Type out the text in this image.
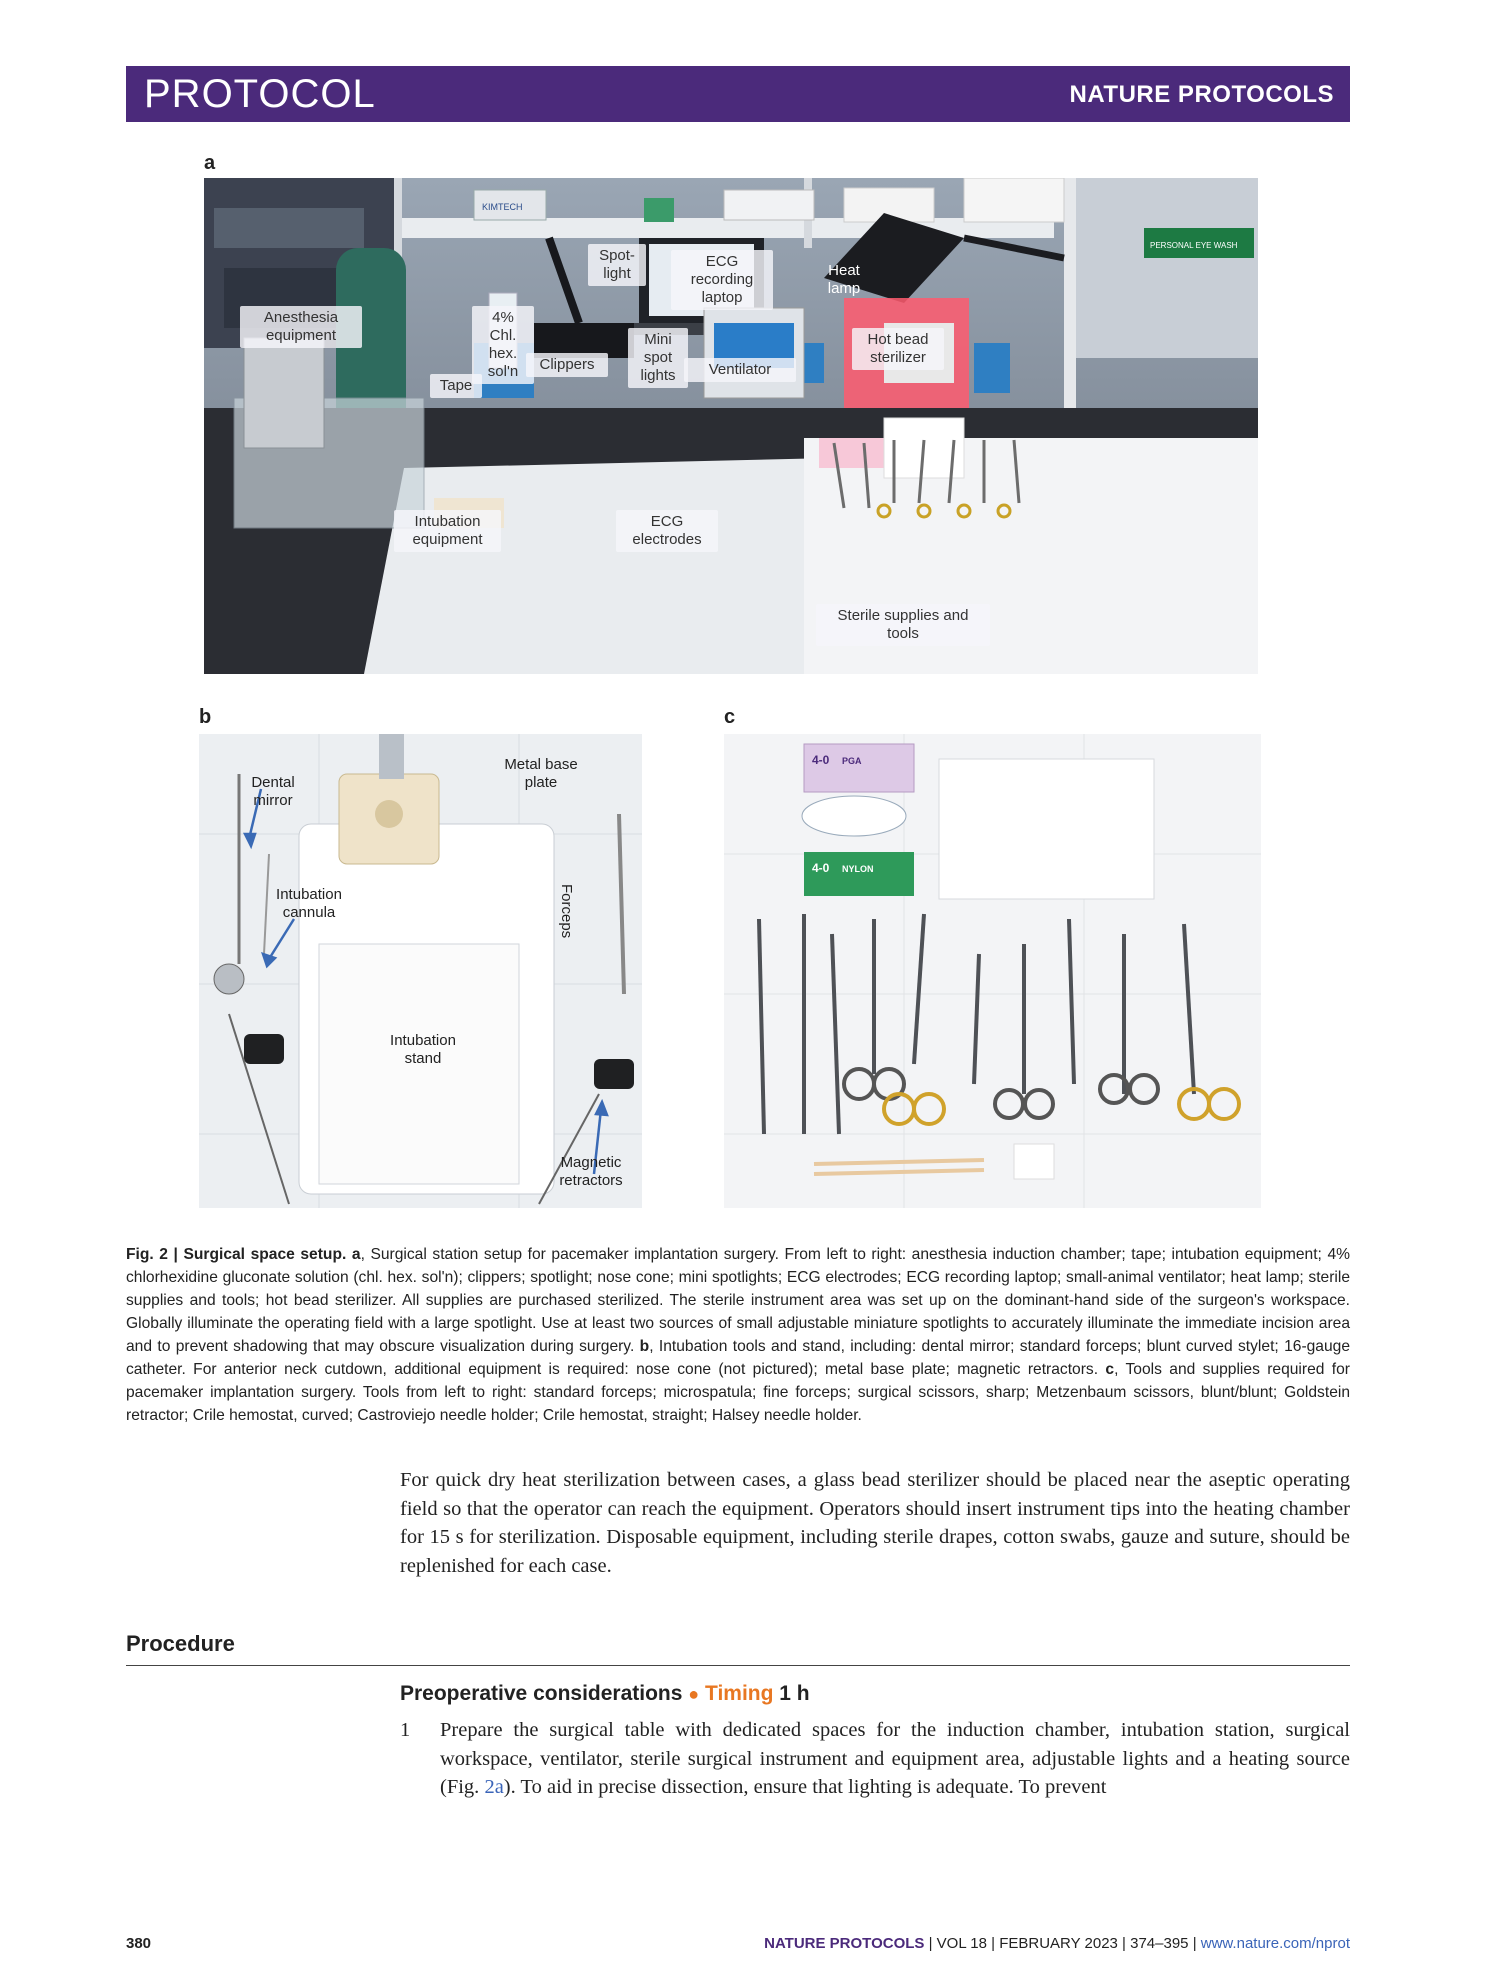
PROTOCOL	NATURE PROTOCOLS
a
KIMTECH
PERSONAL EYE WASH
Anesthesia equipment
4% Chl. hex. sol'n
Tape
Spot- light
Clippers
ECG recording laptop
Mini spot lights	Ventilator
Heat lamp
Hot bead sterilizer
Intubation equipment
ECG electrodes
Sterile supplies and tools
b
Dental mirror
Metal base plate
Intubation cannula	Forceps
Intubation stand
Magnetic retractors
c
4-0 PGA
4-0 NYLON
Fig. 2 | Surgical space setup. a, Surgical station setup for pacemaker implantation surgery. From left to right: anesthesia induction chamber; tape; intubation equipment; 4% chlorhexidine gluconate solution (chl. hex. sol'n); clippers; spotlight; nose cone; mini spotlights; ECG electrodes; ECG recording laptop; small-animal ventilator; heat lamp; sterile supplies and tools; hot bead sterilizer. All supplies are purchased sterilized. The sterile instrument area was set up on the dominant-hand side of the surgeon's workspace. Globally illuminate the operating field with a large spotlight. Use at least two sources of small adjustable miniature spotlights to accurately illuminate the immediate incision area and to prevent shadowing that may obscure visualization during surgery. b, Intubation tools and stand, including: dental mirror; standard forceps; blunt curved stylet; 16-gauge catheter. For anterior neck cutdown, additional equipment is required: nose cone (not pictured); metal base plate; magnetic retractors. c, Tools and supplies required for pacemaker implantation surgery. Tools from left to right: standard forceps; microspatula; fine forceps; surgical scissors, sharp; Metzenbaum scissors, blunt/blunt; Goldstein retractor; Crile hemostat, curved; Castroviejo needle holder; Crile hemostat, straight; Halsey needle holder.
For quick dry heat sterilization between cases, a glass bead sterilizer should be placed near the aseptic operating field so that the operator can reach the equipment. Operators should insert instrument tips into the heating chamber for 15 s for sterilization. Disposable equipment, including sterile drapes, cotton swabs, gauze and suture, should be replenished for each case.
Procedure
Preoperative considerations ● Timing 1 h
1	Prepare the surgical table with dedicated spaces for the induction chamber, intubation station, surgical workspace, ventilator, sterile surgical instrument and equipment area, adjustable lights and a heating source (Fig. 2a). To aid in precise dissection, ensure that lighting is adequate. To prevent
380	NATURE PROTOCOLS | VOL 18 | FEBRUARY 2023 | 374–395 | www.nature.com/nprot
